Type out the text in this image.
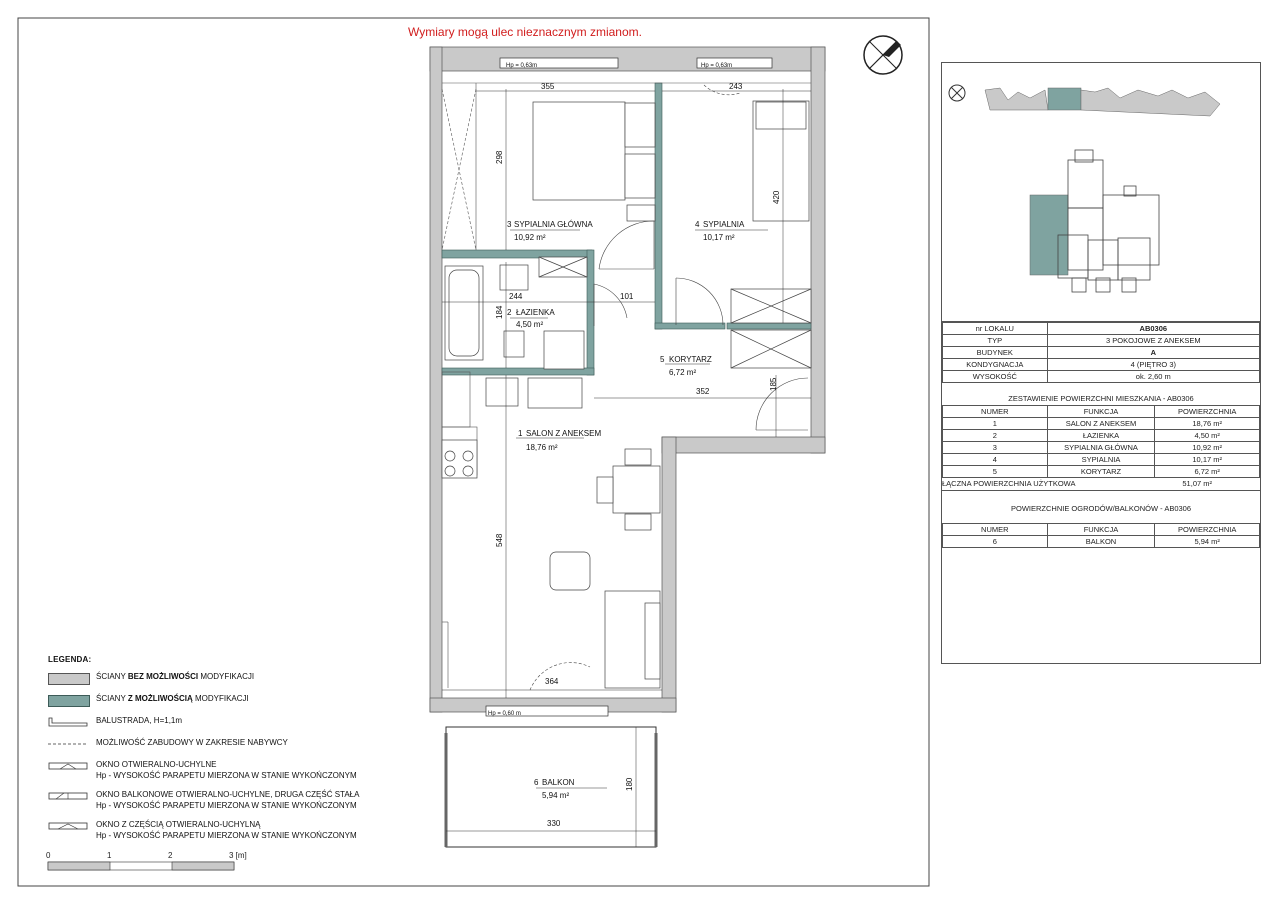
3 SYPIALNIA GŁÓWNA
10,92 m²
4 SYPIALNIA
10,17 m²
2 ŁAZIENKA
4,50 m²
5 KORYTARZ
6,72 m²
1 SALON Z ANEKSEM
18,76 m²
6 BALKON
5,94 m²
355	243
298
420
244	101
184
352
185
548
364
180
330
Hp = 0,63m	Hp = 0,63m
Hp = 0,60 m
Wymiary mogą ulec nieznacznym zmianom.
LEGENDA:
ŚCIANY BEZ MOŻLIWOŚCI MODYFIKACJI
ŚCIANY Z MOŻLIWOŚCIĄ MODYFIKACJI
BALUSTRADA, H=1,1m
MOŻLIWOŚĆ ZABUDOWY W ZAKRESIE NABYWCY
OKNO OTWIERALNO-UCHYLNE
Hp - WYSOKOŚĆ PARAPETU MIERZONA W STANIE WYKOŃCZONYM
OKNO BALKONOWE OTWIERALNO-UCHYLNE, DRUGA CZĘŚĆ STAŁA
Hp - WYSOKOŚĆ PARAPETU MIERZONA W STANIE WYKOŃCZONYM
OKNO Z CZĘŚCIĄ OTWIERALNO-UCHYLNĄ
Hp - WYSOKOŚĆ PARAPETU MIERZONA W STANIE WYKOŃCZONYM
0	1	2	3 [m]
nr LOKALU	AB0306
TYP	3 POKOJOWE Z ANEKSEM
BUDYNEK	A
KONDYGNACJA	4 (PIĘTRO 3)
WYSOKOŚĆ	ok. 2,60 m
ZESTAWIENIE POWIERZCHNI MIESZKANIA - AB0306
NUMER	FUNKCJA	POWIERZCHNIA
1	SALON Z ANEKSEM	18,76 m²
2	ŁAZIENKA	4,50 m²
3	SYPIALNIA GŁÓWNA	10,92 m²
4	SYPIALNIA	10,17 m²
5	KORYTARZ	6,72 m²
ŁĄCZNA POWIERZCHNIA UŻYTKOWA	51,07 m²
POWIERZCHNIE OGRODÓW/BALKONÓW - AB0306
NUMER	FUNKCJA	POWIERZCHNIA
6	BALKON	5,94 m²
